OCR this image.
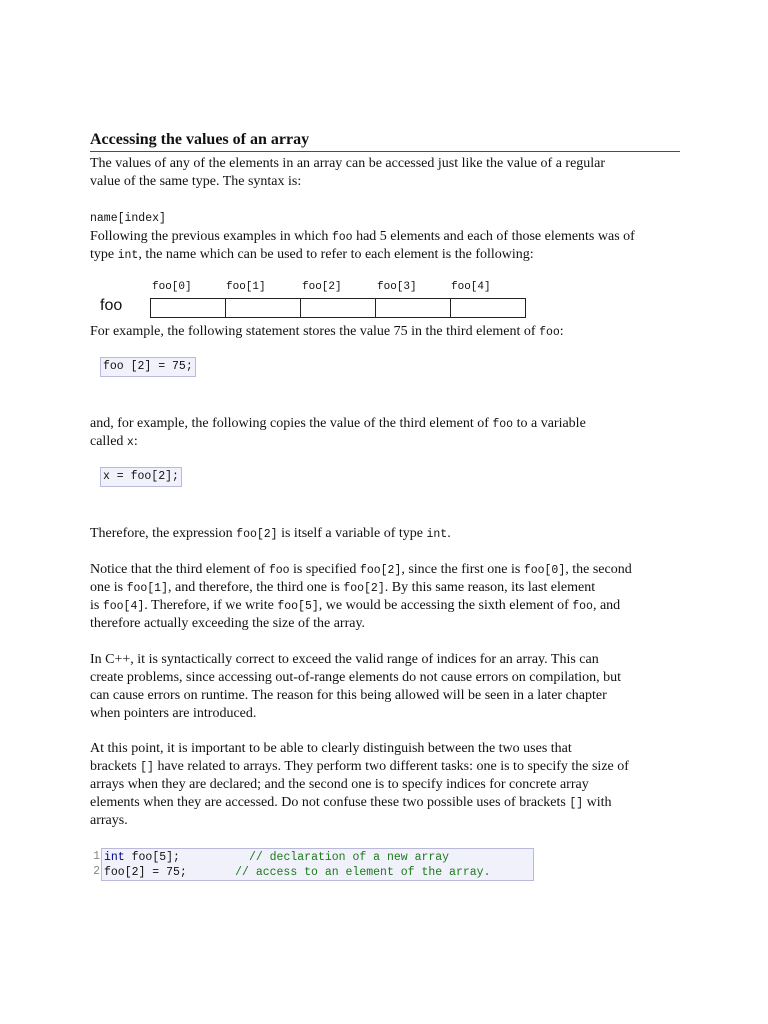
Accessing the values of an array
The values of any of the elements in an array can be accessed just like the value of a regular
value of the same type. The syntax is:
name[index]
Following the previous examples in which foo had 5 elements and each of those elements was of
type int, the name which can be used to refer to each element is the following:
foo[0]	foo[1]	foo[2]	foo[3]	foo[4]
foo
For example, the following statement stores the value 75 in the third element of foo:
foo [2] = 75;
and, for example, the following copies the value of the third element of foo to a variable
called x:
x = foo[2];
Therefore, the expression foo[2] is itself a variable of type int.
Notice that the third element of foo is specified foo[2], since the first one is foo[0], the second
one is foo[1], and therefore, the third one is foo[2]. By this same reason, its last element
is foo[4]. Therefore, if we write foo[5], we would be accessing the sixth element of foo, and
therefore actually exceeding the size of the array.
In C++, it is syntactically correct to exceed the valid range of indices for an array. This can
create problems, since accessing out-of-range elements do not cause errors on compilation, but
can cause errors on runtime. The reason for this being allowed will be seen in a later chapter
when pointers are introduced.
At this point, it is important to be able to clearly distinguish between the two uses that
brackets [] have related to arrays. They perform two different tasks: one is to specify the size of
arrays when they are declared; and the second one is to specify indices for concrete array
elements when they are accessed. Do not confuse these two possible uses of brackets [] with
arrays.
1
2
int foo[5];          // declaration of a new array
foo[2] = 75;       // access to an element of the array.
